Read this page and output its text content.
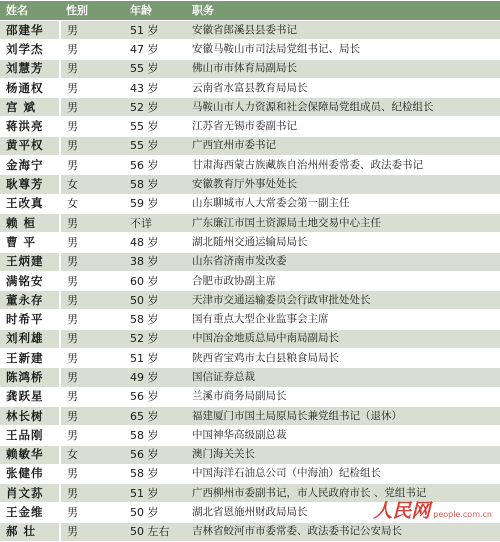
姓名	性别	年龄	职务
邵建华	男	51 岁	安徽省郎溪县县委书记
刘学杰	男	47 岁	安徽马鞍山市司法局党组书记、局长
刘慧芳	男	55 岁	佛山市市体育局副局长
杨通权	男	43 岁	云南省水富县教育局局长
宫 斌	男	52 岁	马鞍山市人力资源和社会保障局党组成员、纪检组长
蒋洪亮	男	55 岁	江苏省无锡市委副书记
黄平权	男	55 岁	广西宜州市委书记
金海宁	男	56 岁	甘肃海西蒙古族藏族自治州州委常委、政法委书记
耿尊芳	女	58 岁	安徽教育厅外事处处长
王改真	女	59 岁	山东聊城市人大常委会第一副主任
赖 桓	男	不详	广东廉江市国土资源局土地交易中心主任
曹 平	男	48 岁	湖北随州交通运输局局长
王炳建	男	38 岁	山东省济南市发改委
满铭安	男	60 岁	合肥市政协副主席
董永存	男	50 岁	天津市交通运输委员会行政审批处处长
时希平	男	58 岁	国有重点大型企业监事会主席
刘利雄	男	52 岁	中国冶金地质总局中南局副局长
王新建	男	51 岁	陕西省宝鸡市太白县粮食局局长
陈鸿桥	男	49 岁	国信证券总裁
龚跃星	男	56 岁	兰溪市商务局副局长
林长树	男	65 岁	福建厦门市国土局原局长兼党组书记（退休）
王品刚	男	58 岁	中国神华高级副总裁
赖敏华	女	56 岁	澳门海关关长
张健伟	男	58 岁	中国海洋石油总公司（中海油）纪检组长
肖文荪	男	51 岁	广西柳州市委副书记，市人民政府市长 、党组书记
王金维	男	50 岁	湖北省恩施州财政局局长
郝 壮	男	50 左右	吉林省蛟河市市委常委、政法委书记公安局长
人民网 people.com.cn
